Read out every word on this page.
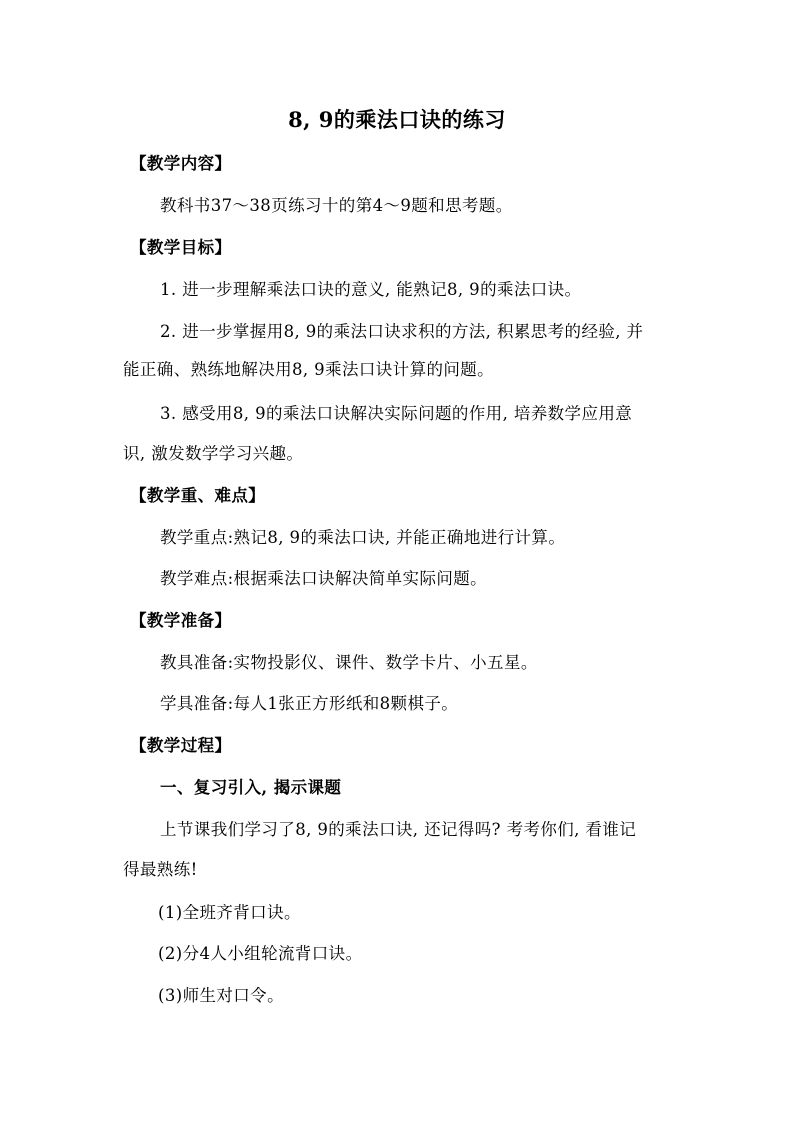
8, 9的乘法口诀的练习
【教学内容】
教科书37～38页练习十的第4～9题和思考题。
【教学目标】
1. 进一步理解乘法口诀的意义, 能熟记8, 9的乘法口诀。
2. 进一步掌握用8, 9的乘法口诀求积的方法, 积累思考的经验, 并
能正确、熟练地解决用8, 9乘法口诀计算的问题。
3. 感受用8, 9的乘法口诀解决实际问题的作用, 培养数学应用意
识, 激发数学学习兴趣。
【教学重、难点】
教学重点:熟记8, 9的乘法口诀, 并能正确地进行计算。
教学难点:根据乘法口诀解决简单实际问题。
【教学准备】
教具准备:实物投影仪、课件、数学卡片、小五星。
学具准备:每人1张正方形纸和8颗棋子。
【教学过程】
一、复习引入, 揭示课题
上节课我们学习了8, 9的乘法口诀, 还记得吗? 考考你们, 看谁记
得最熟练!
(1)全班齐背口诀。
(2)分4人小组轮流背口诀。
(3)师生对口令。
